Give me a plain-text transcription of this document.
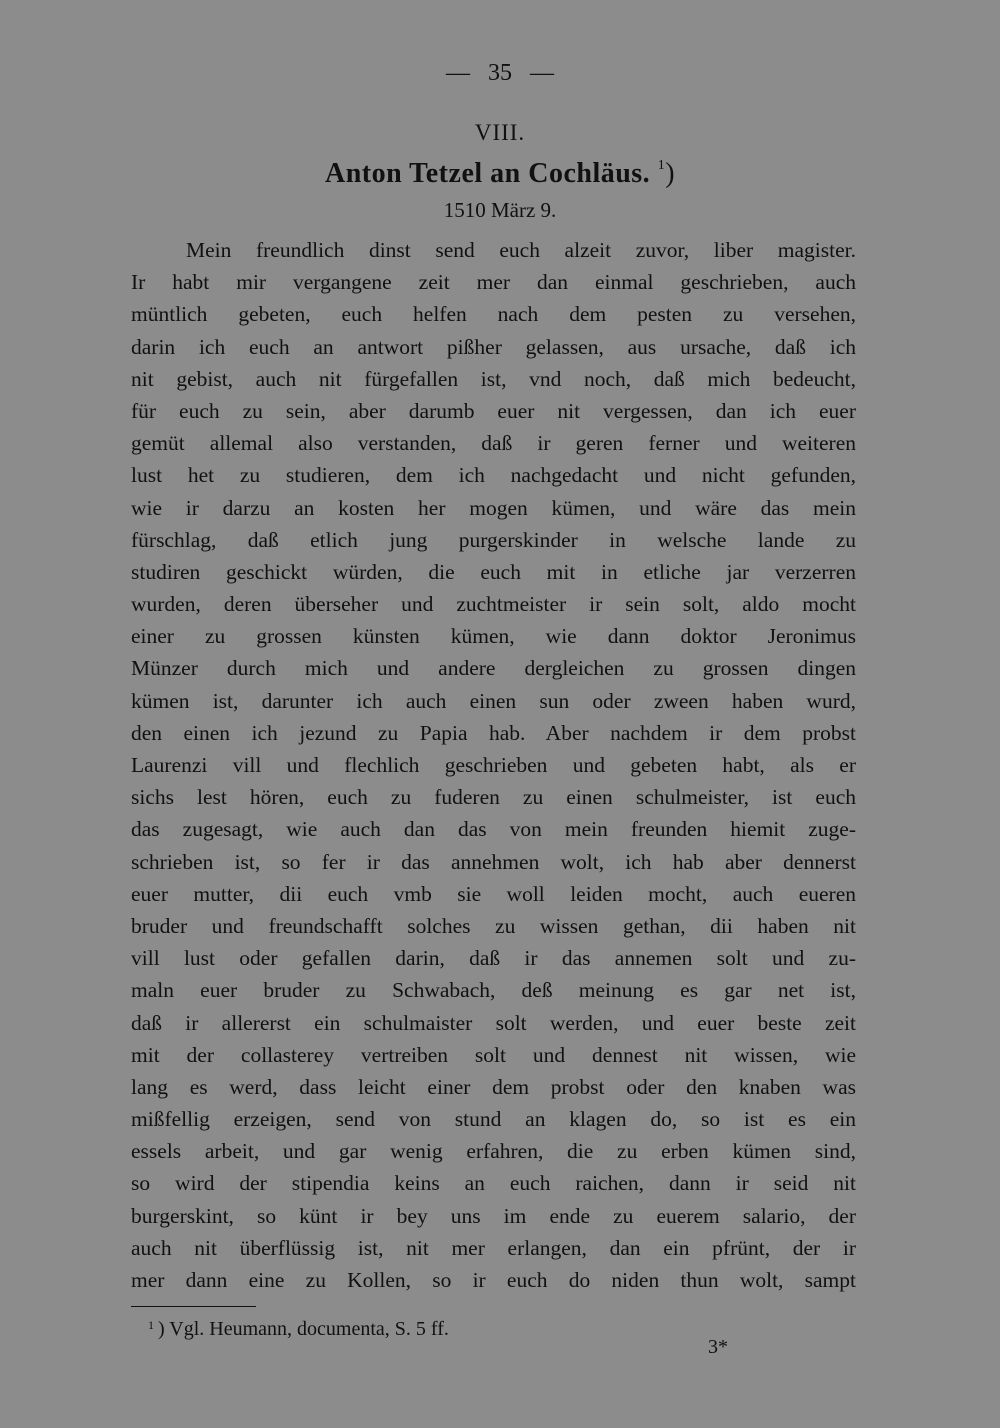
— 35 —
VIII.
Anton Tetzel an Cochläus. $^1$)
1510 März 9.
Mein freundlich dinst send euch alzeit zuvor, liber magister.
Ir habt mir vergangene zeit mer dan einmal geschrieben, auch
müntlich gebeten, euch helfen nach dem pesten zu versehen,
darin ich euch an antwort pißher gelassen, aus ursache, daß ich
nit gebist, auch nit fürgefallen ist, vnd noch, daß mich bedeucht,
für euch zu sein, aber darumb euer nit vergessen, dan ich euer
gemüt allemal also verstanden, daß ir geren ferner und weiteren
lust het zu studieren, dem ich nachgedacht und nicht gefunden,
wie ir darzu an kosten her mogen kümen, und wäre das mein
fürschlag, daß etlich jung purgerskinder in welsche lande zu
studiren geschickt würden, die euch mit in etliche jar verzerren
wurden, deren überseher und zuchtmeister ir sein solt, aldo mocht
einer zu grossen künsten kümen, wie dann doktor Jeronimus
Münzer durch mich und andere dergleichen zu grossen dingen
kümen ist, darunter ich auch einen sun oder zween haben wurd,
den einen ich jezund zu Papia hab. Aber nachdem ir dem probst
Laurenzi vill und flechlich geschrieben und gebeten habt, als er
sichs lest hören, euch zu fuderen zu einen schulmeister, ist euch
das zugesagt, wie auch dan das von mein freunden hiemit zuge-
schrieben ist, so fer ir das annehmen wolt, ich hab aber dennerst
euer mutter, dii euch vmb sie woll leiden mocht, auch eueren
bruder und freundschafft solches zu wissen gethan, dii haben nit
vill lust oder gefallen darin, daß ir das annemen solt und zu-
maln euer bruder zu Schwabach, deß meinung es gar net ist,
daß ir allererst ein schulmaister solt werden, und euer beste zeit
mit der collasterey vertreiben solt und dennest nit wissen, wie
lang es werd, dass leicht einer dem probst oder den knaben was
mißfellig erzeigen, send von stund an klagen do, so ist es ein
essels arbeit, und gar wenig erfahren, die zu erben kümen sind,
so wird der stipendia keins an euch raichen, dann ir seid nit
burgerskint, so künt ir bey uns im ende zu euerem salario, der
auch nit überflüssig ist, nit mer erlangen, dan ein pfrünt, der ir
mer dann eine zu Kollen, so ir euch do niden thun wolt, sampt
$^1$ ) Vgl. Heumann, documenta, S. 5 ff.
3*
